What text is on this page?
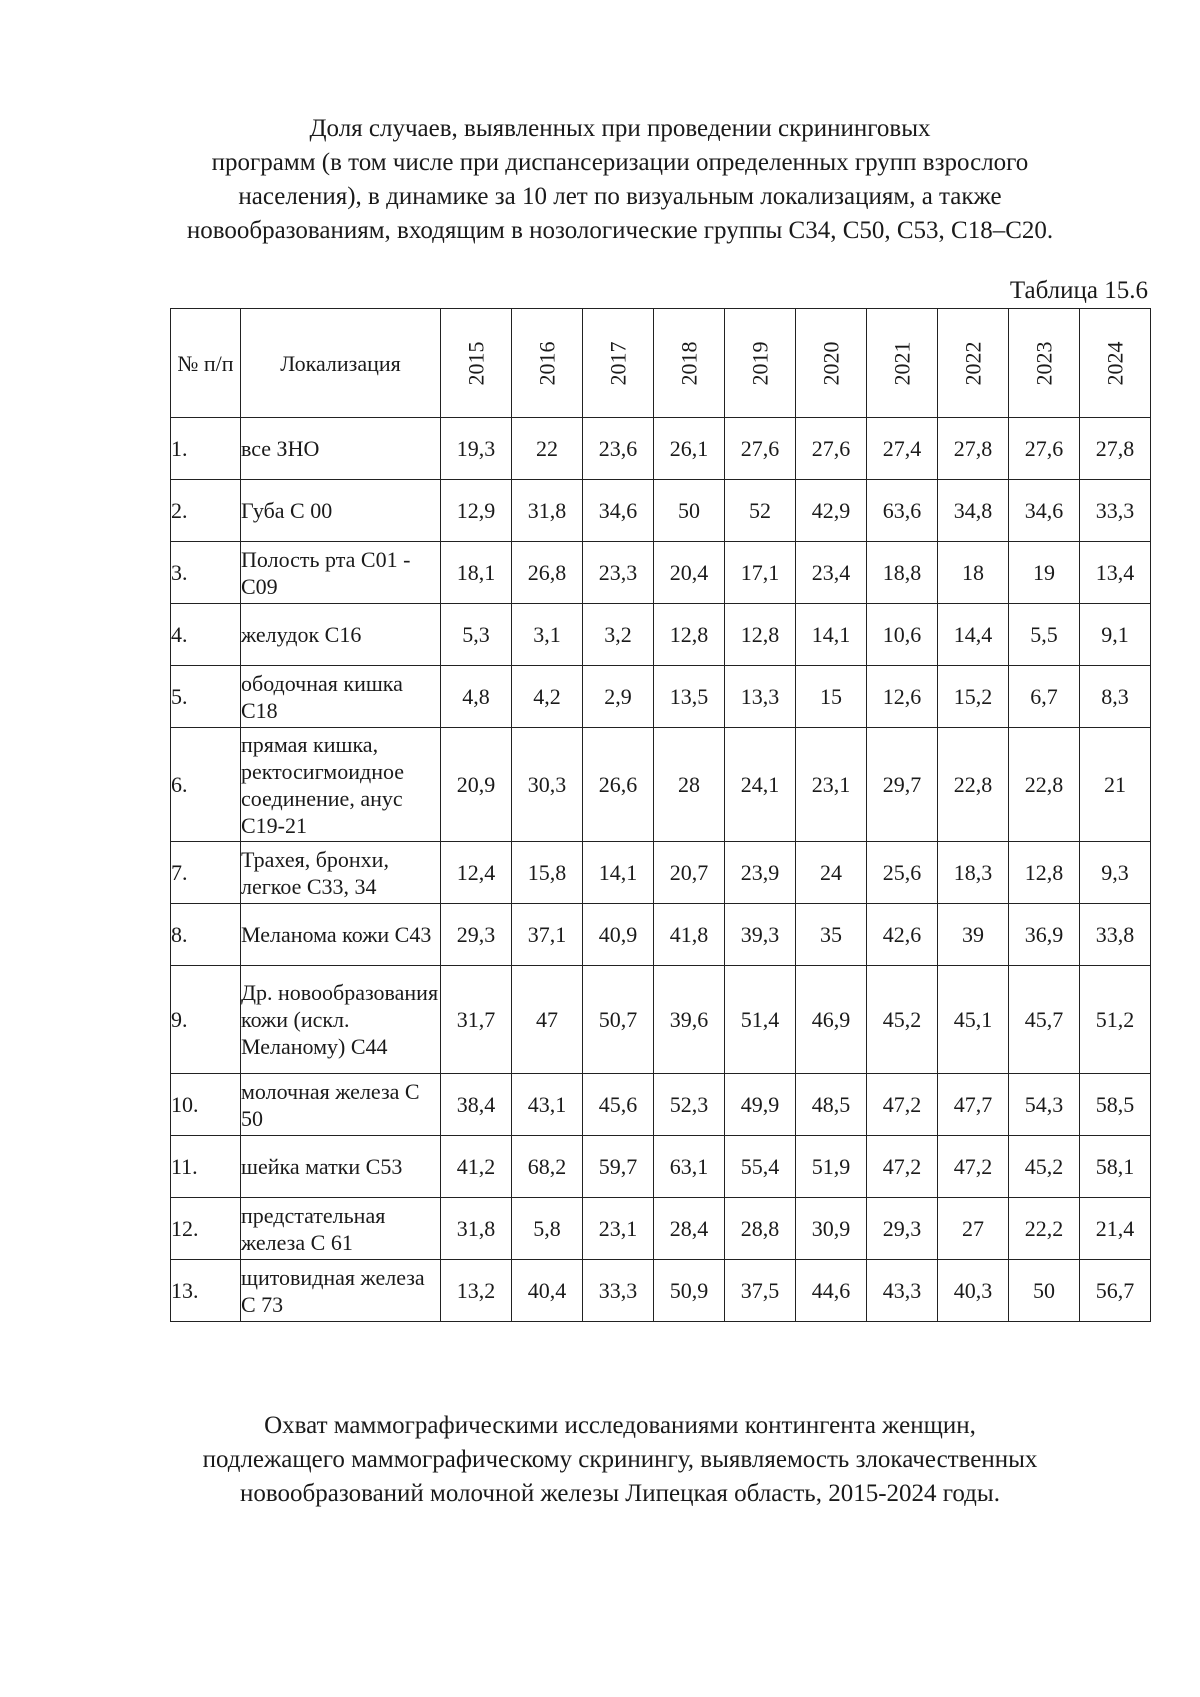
Доля случаев, выявленных при проведении скрининговых
программ (в том числе при диспансеризации определенных групп взрослого
населения), в динамике за 10 лет по визуальным локализациям, а также
новообразованиям, входящим в нозологические группы С34, С50, С53, С18–С20.
Таблица 15.6
№ п/п	Локализация	2015	2016	2017	2018	2019	2020	2021	2022	2023	2024
1.	все ЗНО	19,3	22	23,6	26,1	27,6	27,6	27,4	27,8	27,6	27,8
2.	Губа С 00	12,9	31,8	34,6	50	52	42,9	63,6	34,8	34,6	33,3
3.	Полость рта С01 - С09	18,1	26,8	23,3	20,4	17,1	23,4	18,8	18	19	13,4
4.	желудок С16	5,3	3,1	3,2	12,8	12,8	14,1	10,6	14,4	5,5	9,1
5.	ободочная кишка С18	4,8	4,2	2,9	13,5	13,3	15	12,6	15,2	6,7	8,3
6.	прямая кишка, ректосигмоидное соединение, анус С19-21	20,9	30,3	26,6	28	24,1	23,1	29,7	22,8	22,8	21
7.	Трахея, бронхи, легкое С33, 34	12,4	15,8	14,1	20,7	23,9	24	25,6	18,3	12,8	9,3
8.	Меланома кожи С43	29,3	37,1	40,9	41,8	39,3	35	42,6	39	36,9	33,8
9.	Др. новообразования кожи (искл. Меланому) С44	31,7	47	50,7	39,6	51,4	46,9	45,2	45,1	45,7	51,2
10.	молочная железа С 50	38,4	43,1	45,6	52,3	49,9	48,5	47,2	47,7	54,3	58,5
11.	шейка матки С53	41,2	68,2	59,7	63,1	55,4	51,9	47,2	47,2	45,2	58,1
12.	предстательная железа С 61	31,8	5,8	23,1	28,4	28,8	30,9	29,3	27	22,2	21,4
13.	щитовидная железа С 73	13,2	40,4	33,3	50,9	37,5	44,6	43,3	40,3	50	56,7
Охват маммографическими исследованиями контингента женщин,
подлежащего маммографическому скринингу, выявляемость злокачественных
новообразований молочной железы Липецкая область, 2015-2024 годы.
